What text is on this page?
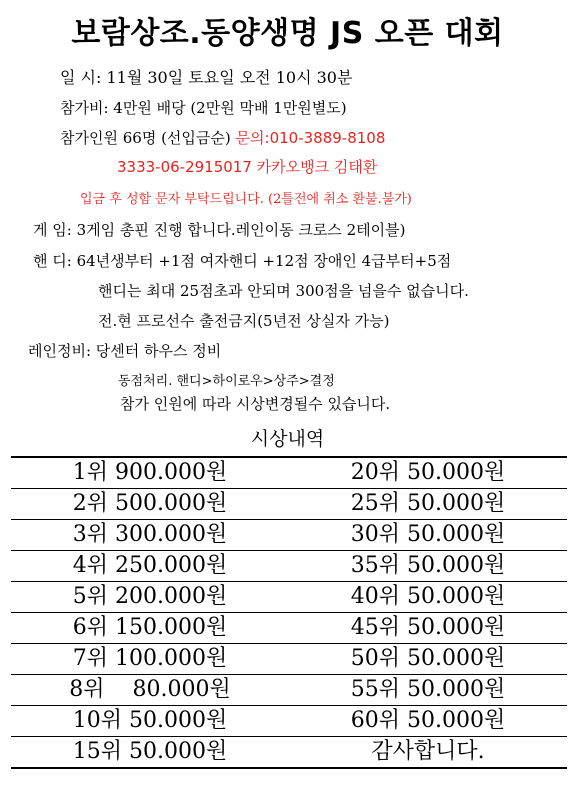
보람상조.동양생명 JS 오픈 대회
일 시: 11월 30일 토요일 오전 10시 30분
참가비: 4만원 배당 (2만원 막배 1만원별도)
참가인원 66명 (선입금순) 문의:010-3889-8108
3333-06-2915017 카카오뱅크 김태환
입금 후 성함 문자 부탁드립니다. (2틀전에 취소 환불.불가)
게 임: 3게임 총핀 진행 합니다.레인이동 크로스 2테이블)
핸 디: 64년생부터 +1점 여자핸디 +12점 장애인 4급부터+5점
핸디는 최대 25점초과 안되며 300점을 넘을수 없습니다.
전.현 프로선수 출전금지(5년전 상실자 가능)
레인정비: 당센터 하우스 정비
동점처리. 핸디>하이로우>상주>결정
참가 인원에 따라 시상변경될수 있습니다.
시상내역
1위 900.000원	20위 50.000원
2위 500.000원	25위 50.000원
3위 300.000원	30위 50.000원
4위 250.000원	35위 50.000원
5위 200.000원	40위 50.000원
6위 150.000원	45위 50.000원
7위 100.000원	50위 50.000원
8위    80.000원	55위 50.000원
10위 50.000원	60위 50.000원
15위 50.000원	감사합니다.
